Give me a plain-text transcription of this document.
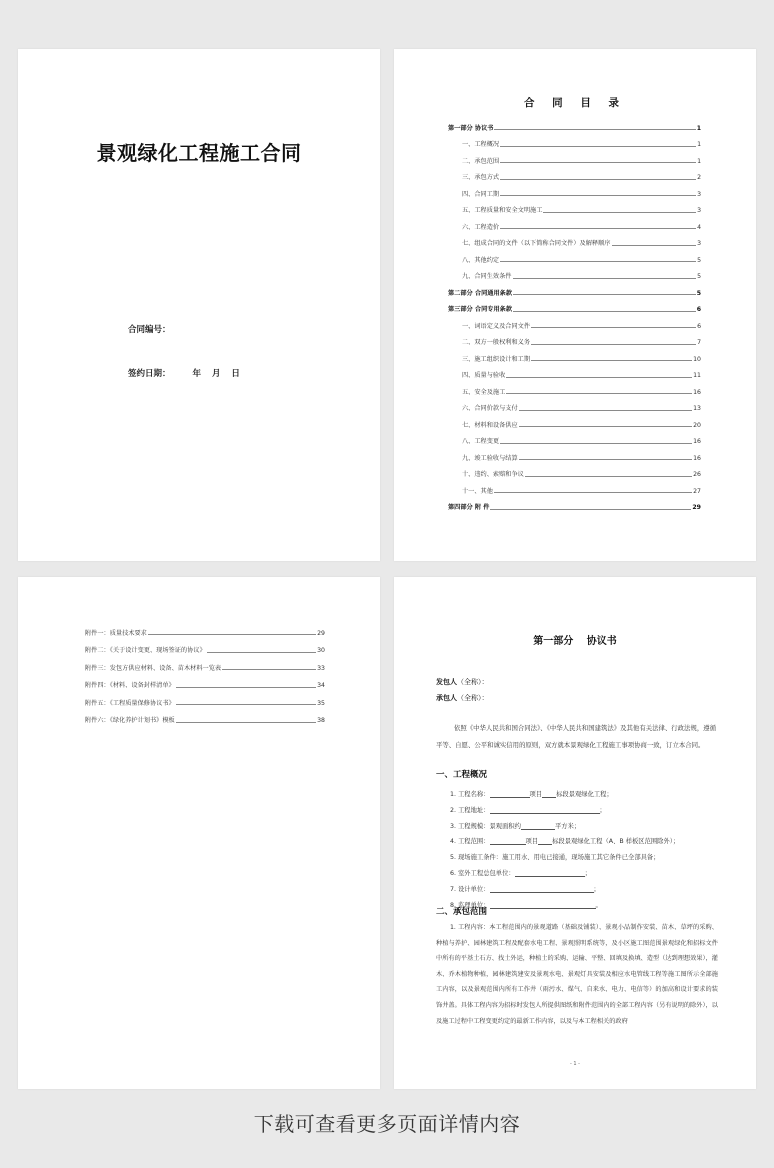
景观绿化工程施工合同
合同编号：
签约日期：	年 月 日
合 同 目 录
第一部分 协议书	1
一、工程概况	1
二、承包范围	1
三、承包方式	2
四、合同工期	3
五、工程质量和安全文明施工	3
六、工程造价	4
七、组成合同的文件（以下简称合同文件）及解释顺序	3
八、其他约定	5
九、合同生效条件	5
第二部分 合同通用条款	5
第三部分 合同专用条款	6
一、词语定义及合同文件	6
二、双方一般权利和义务	7
三、施工组织设计和工期	10
四、质量与验收	11
五、安全及施工	16
六、合同价款与支付	13
七、材料和设备供应	20
八、工程变更	16
九、竣工验收与结算	16
十、违约、索赔和争议	26
十一、其他	27
第四部分 附 件	29
附件一：质量技术要求	29
附件二：《关于设计变更、现场签证的协议》	30
附件三：发包方供应材料、设备、苗木材料一览表	33
附件四：《材料、设备封样清单》	34
附件五：《工程质量保修协议书》	35
附件六：《绿化养护计划书》模板	38
第一部分 协议书
发包人（全称）：
承包人（全称）：
依照《中华人民共和国合同法》、《中华人民共和国建筑法》及其他有关法律、行政法规，遵循平等、自愿、公平和诚实信用的原则，双方就本景观绿化工程施工事项协商一致，订立本合同。
一、工程概况
1. 工程名称：	项目 标段景观绿化工程；
2. 工程地址：	；
3. 工程规模：景观面积约	平方米；
4. 工程范围：	项目 标段景观绿化工程（A、B 样板区范围除外）；
5. 现场施工条件：施工用水、用电已接通，现场施工其它条件已全部具备；
6. 室外工程总包单位：	；
7. 设计单位：	；
8. 监理单位：	。
二、承包范围
1. 工程内容：本工程范围内的景观道路（基础及铺装）、景观小品制作安装、苗木、草坪的采购、种植与养护、园林建筑工程及配套水电工程、景观照明系统等，及小区施工图范围景观绿化和招标文件中所有的平基土石方、找土外运，种植土的采购、运输、平整、回填及换填、造型（达到理想效果），灌木、乔木植物种植，园林建筑建安及景观水电、景观灯具安装及相应水电管线工程等施工图所示全部施工内容，以及景观范围内所有工作井（雨污水、煤气、自来水、电力、电信等）的加高和设计要求的装饰井盖。具体工程内容为招标时发包人所提供图纸和附件范围内的全部工程内容（另有说明的除外），以及施工过程中工程变更约定的最新工作内容，以及与本工程相关的政府
- 1 -
下载可查看更多页面详情内容
